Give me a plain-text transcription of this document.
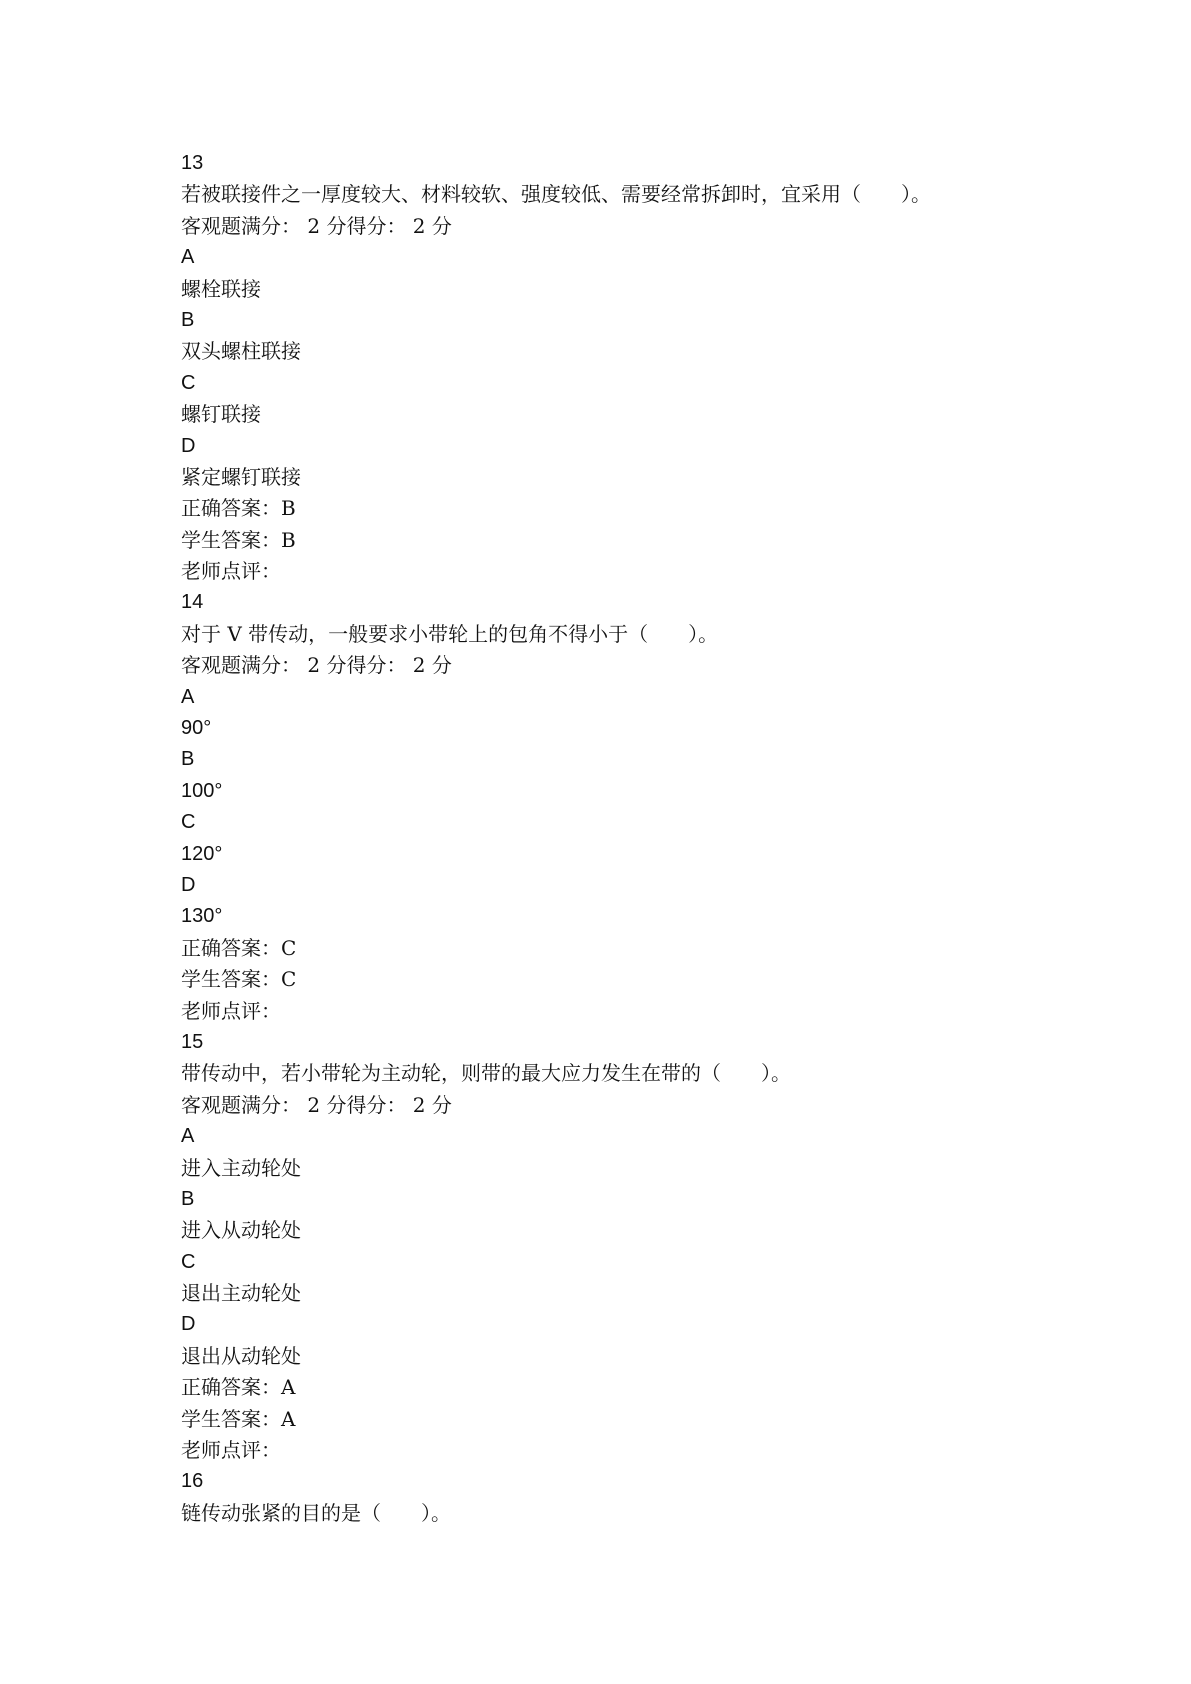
13
若被联接件之一厚度较大、材料较软、强度较低、需要经常拆卸时，宜采用（　　）。
客观题满分： 2 分得分： 2 分
A
螺栓联接
B
双头螺柱联接
C
螺钉联接
D
紧定螺钉联接
正确答案：B
学生答案：B
老师点评：
14
对于 V 带传动，一般要求小带轮上的包角不得小于（　　）。
客观题满分： 2 分得分： 2 分
A
90°
B
100°
C
120°
D
130°
正确答案：C
学生答案：C
老师点评：
15
带传动中，若小带轮为主动轮，则带的最大应力发生在带的（　　）。
客观题满分： 2 分得分： 2 分
A
进入主动轮处
B
进入从动轮处
C
退出主动轮处
D
退出从动轮处
正确答案：A
学生答案：A
老师点评：
16
链传动张紧的目的是（　　）。
